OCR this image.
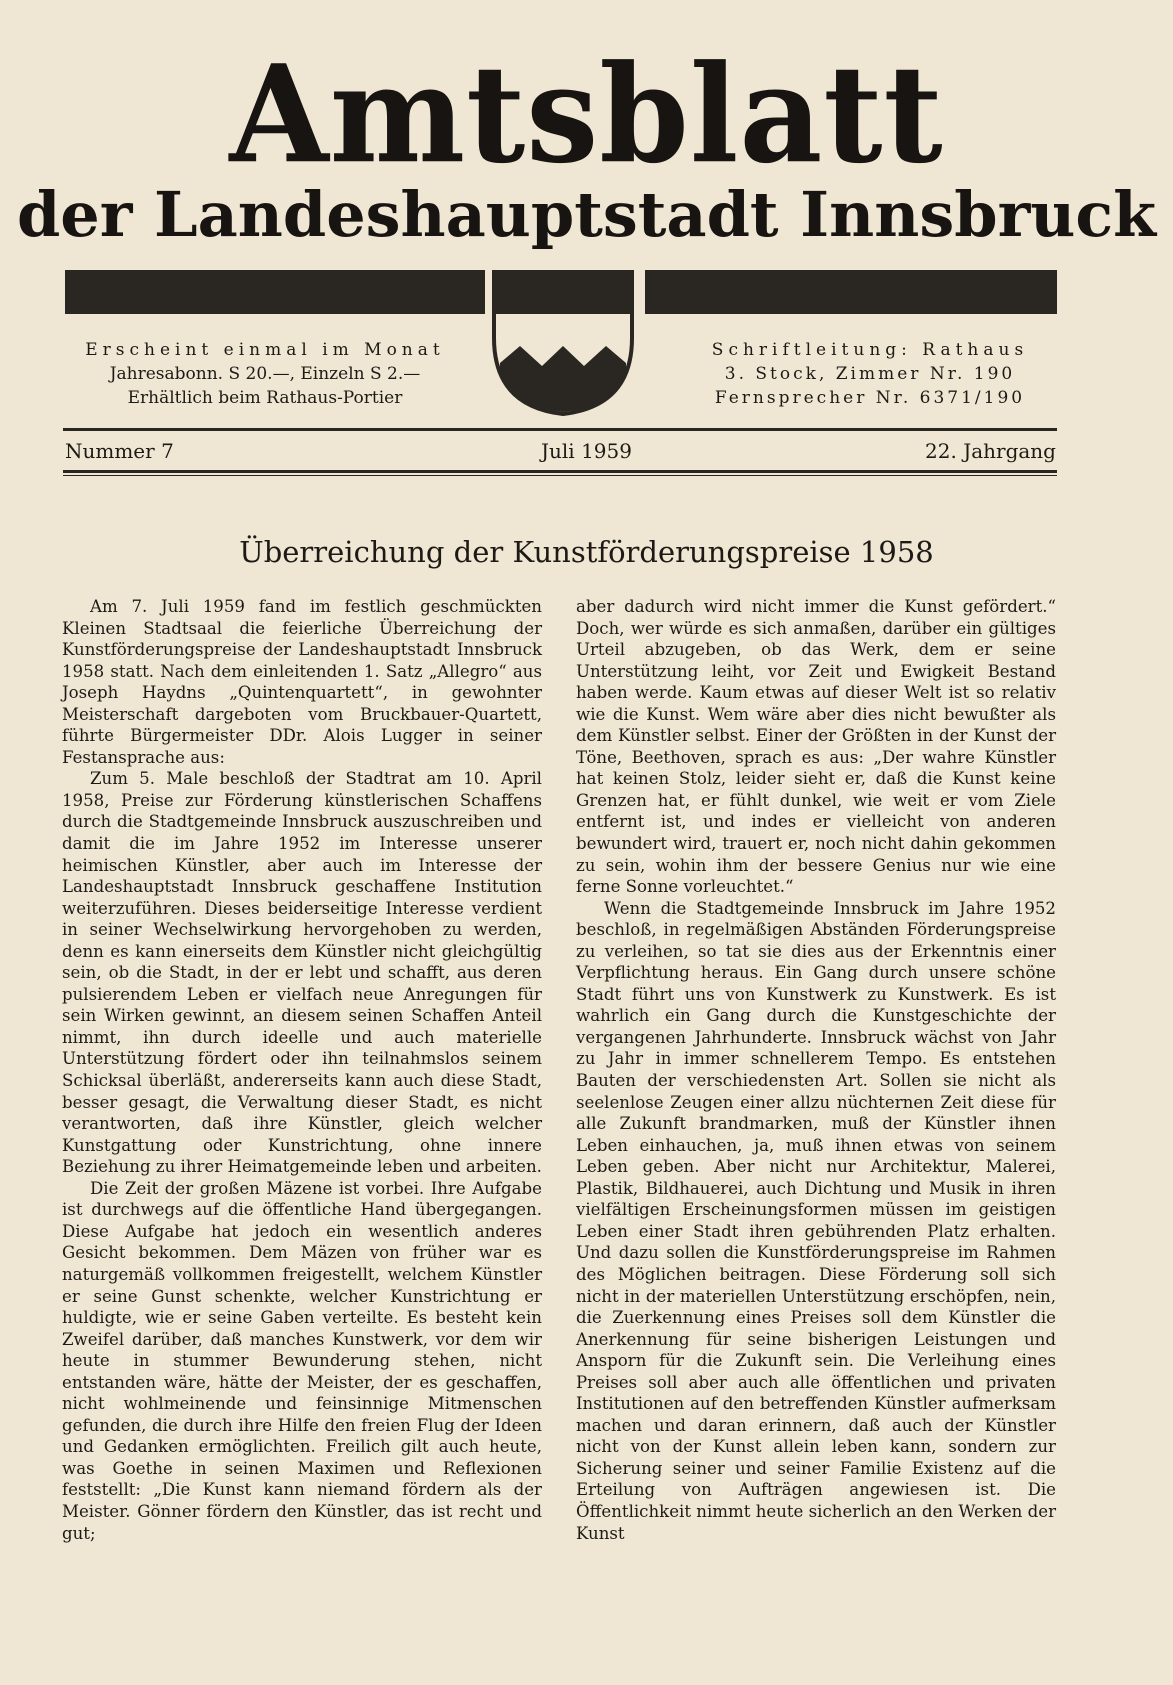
Amtsblatt
der Landeshauptstadt Innsbruck
Erscheint einmal im Monat
Jahresabonn. S 20.—, Einzeln S 2.—
Erhältlich beim Rathaus-Portier
Schriftleitung: Rathaus
3. Stock, Zimmer Nr. 190
Fernsprecher Nr. 6371/190
Juli 1959
Nummer 7	22. Jahrgang
Überreichung der Kunstförderungspreise 1958

Am 7. Juli 1959 fand im festlich geschmückten Kleinen Stadtsaal die feierliche Überreichung der Kunstförderungspreise der Landeshauptstadt Innsbruck 1958 statt. Nach dem einleitenden 1. Satz „Allegro“ aus Joseph Haydns „Quintenquartett“, in gewohnter Meisterschaft dargeboten vom Bruckbauer-Quartett, führte Bürgermeister DDr. Alois Lugger in seiner Festansprache aus:

Zum 5. Male beschloß der Stadtrat am 10. April 1958, Preise zur Förderung künstlerischen Schaffens durch die Stadtgemeinde Innsbruck auszuschreiben und damit die im Jahre 1952 im Interesse unserer heimischen Künstler, aber auch im Interesse der Landeshauptstadt Innsbruck geschaffene Institution weiterzuführen. Dieses beiderseitige Interesse verdient in seiner Wechselwirkung hervorgehoben zu werden, denn es kann einerseits dem Künstler nicht gleichgültig sein, ob die Stadt, in der er lebt und schafft, aus deren pulsierendem Leben er vielfach neue Anregungen für sein Wirken gewinnt, an diesem seinen Schaffen Anteil nimmt, ihn durch ideelle und auch materielle Unterstützung fördert oder ihn teilnahmslos seinem Schicksal überläßt, andererseits kann auch diese Stadt, besser gesagt, die Verwaltung dieser Stadt, es nicht verantworten, daß ihre Künstler, gleich welcher Kunstgattung oder Kunstrichtung, ohne innere Beziehung zu ihrer Heimatgemeinde leben und arbeiten.

Die Zeit der großen Mäzene ist vorbei. Ihre Aufgabe ist durchwegs auf die öffentliche Hand übergegangen. Diese Aufgabe hat jedoch ein wesentlich anderes Gesicht bekommen. Dem Mäzen von früher war es naturgemäß vollkommen freigestellt, welchem Künstler er seine Gunst schenkte, welcher Kunstrichtung er huldigte, wie er seine Gaben verteilte. Es besteht kein Zweifel darüber, daß manches Kunstwerk, vor dem wir heute in stummer Bewunderung stehen, nicht entstanden wäre, hätte der Meister, der es geschaffen, nicht wohlmeinende und feinsinnige Mitmenschen gefunden, die durch ihre Hilfe den freien Flug der Ideen und Gedanken ermöglichten. Freilich gilt auch heute, was Goethe in seinen Maximen und Reflexionen feststellt: „Die Kunst kann niemand fördern als der Meister. Gönner fördern den Künstler, das ist recht und gut;

aber dadurch wird nicht immer die Kunst gefördert.“ Doch, wer würde es sich anmaßen, darüber ein gültiges Urteil abzugeben, ob das Werk, dem er seine Unterstützung leiht, vor Zeit und Ewigkeit Bestand haben werde. Kaum etwas auf dieser Welt ist so relativ wie die Kunst. Wem wäre aber dies nicht bewußter als dem Künstler selbst. Einer der Größten in der Kunst der Töne, Beethoven, sprach es aus: „Der wahre Künstler hat keinen Stolz, leider sieht er, daß die Kunst keine Grenzen hat, er fühlt dunkel, wie weit er vom Ziele entfernt ist, und indes er vielleicht von anderen bewundert wird, trauert er, noch nicht dahin gekommen zu sein, wohin ihm der bessere Genius nur wie eine ferne Sonne vorleuchtet.“

Wenn die Stadtgemeinde Innsbruck im Jahre 1952 beschloß, in regelmäßigen Abständen Förderungspreise zu verleihen, so tat sie dies aus der Erkenntnis einer Verpflichtung heraus. Ein Gang durch unsere schöne Stadt führt uns von Kunstwerk zu Kunstwerk. Es ist wahrlich ein Gang durch die Kunstgeschichte der vergangenen Jahrhunderte. Innsbruck wächst von Jahr zu Jahr in immer schnellerem Tempo. Es entstehen Bauten der verschiedensten Art. Sollen sie nicht als seelenlose Zeugen einer allzu nüchternen Zeit diese für alle Zukunft brandmarken, muß der Künstler ihnen Leben einhauchen, ja, muß ihnen etwas von seinem Leben geben. Aber nicht nur Architektur, Malerei, Plastik, Bildhauerei, auch Dichtung und Musik in ihren vielfältigen Erscheinungsformen müssen im geistigen Leben einer Stadt ihren gebührenden Platz erhalten. Und dazu sollen die Kunstförderungspreise im Rahmen des Möglichen beitragen. Diese Förderung soll sich nicht in der materiellen Unterstützung erschöpfen, nein, die Zuerkennung eines Preises soll dem Künstler die Anerkennung für seine bisherigen Leistungen und Ansporn für die Zukunft sein. Die Verleihung eines Preises soll aber auch alle öffentlichen und privaten Institutionen auf den betreffenden Künstler aufmerksam machen und daran erinnern, daß auch der Künstler nicht von der Kunst allein leben kann, sondern zur Sicherung seiner und seiner Familie Existenz auf die Erteilung von Aufträgen angewiesen ist. Die Öffentlichkeit nimmt heute sicherlich an den Werken der Kunst
